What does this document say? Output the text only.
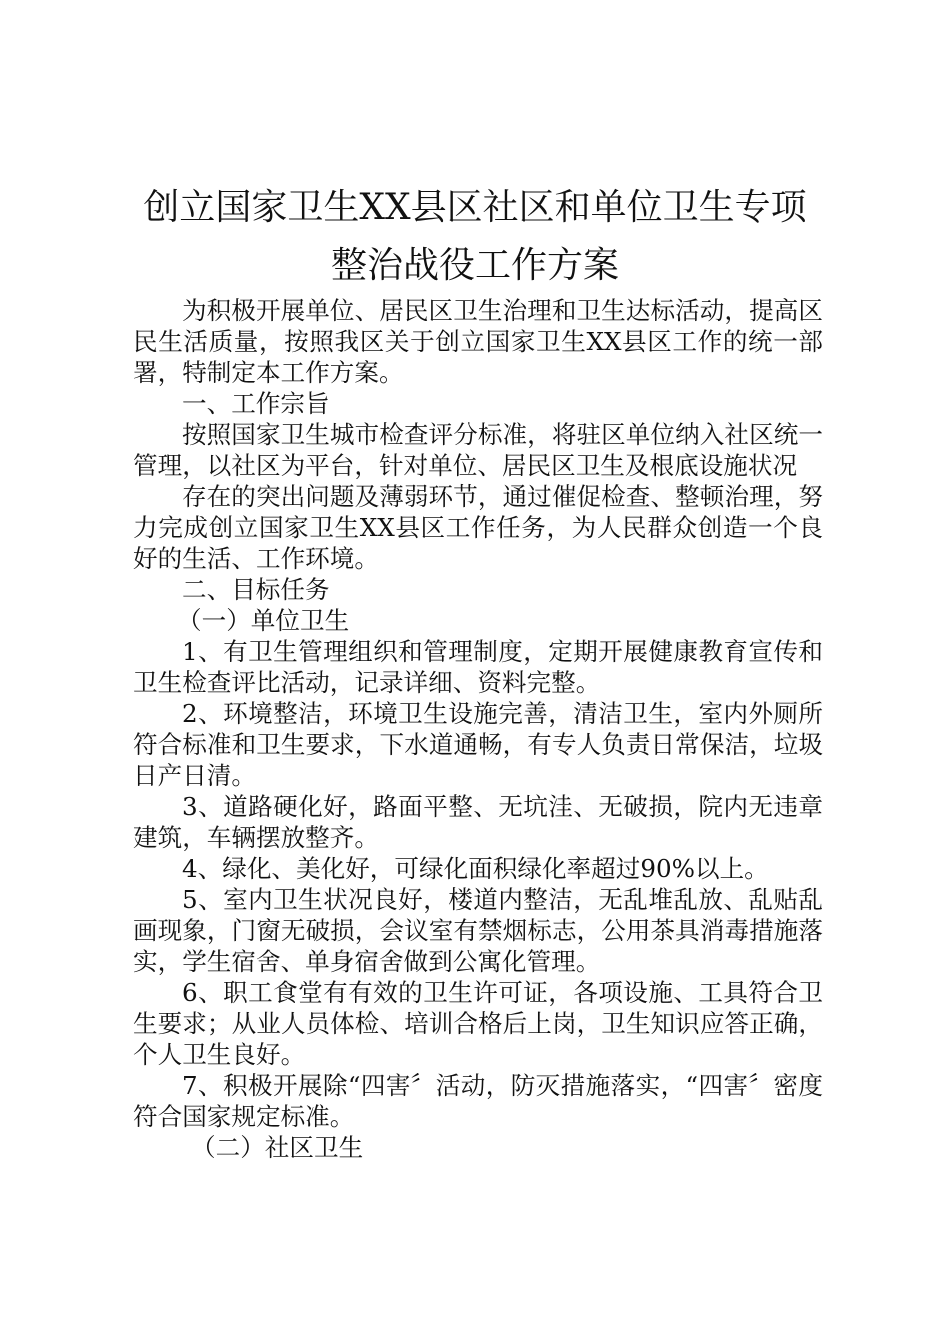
创立国家卫生XX县区社区和单位卫生专项
整治战役工作方案

为积极开展单位、居民区卫生治理和卫生达标活动，提高区民生活质量，按照我区关于创立国家卫生XX县区工作的统一部署，特制定本工作方案。

一、工作宗旨

按照国家卫生城市检查评分标准，将驻区单位纳入社区统一管理，以社区为平台，针对单位、居民区卫生及根底设施状况

存在的突出问题及薄弱环节，通过催促检查、整顿治理，努力完成创立国家卫生XX县区工作任务，为人民群众创造一个良好的生活、工作环境。

二、目标任务

（一）单位卫生

1、有卫生管理组织和管理制度，定期开展健康教育宣传和卫生检查评比活动，记录详细、资料完整。

2、环境整洁，环境卫生设施完善，清洁卫生，室内外厕所符合标准和卫生要求，下水道通畅，有专人负责日常保洁，垃圾日产日清。

3、道路硬化好，路面平整、无坑洼、无破损，院内无违章建筑，车辆摆放整齐。

4、绿化、美化好，可绿化面积绿化率超过90%以上。

5、室内卫生状况良好，楼道内整洁，无乱堆乱放、乱贴乱画现象，门窗无破损，会议室有禁烟标志，公用茶具消毒措施落实，学生宿舍、单身宿舍做到公寓化管理。

6、职工食堂有有效的卫生许可证，各项设施、工具符合卫生要求；从业人员体检、培训合格后上岗，卫生知识应答正确，个人卫生良好。

7、积极开展除“四害〞活动，防灭措施落实，“四害〞密度符合国家规定标准。

（二）社区卫生
